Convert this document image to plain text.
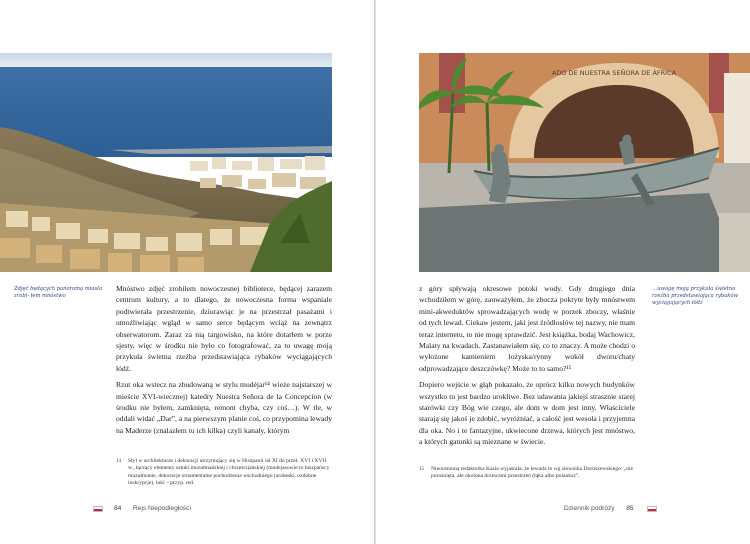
Zdjęć będących panoramą miasta zrobi- łem mnóstwo

Mnóstwo zdjęć zrobiłem nowoczesnej bibliotece, będącej zarazem centrum kultury, a to dlatego, że nowoczesna forma wspaniale podtwierała przestrzenie, dziurawiąc je na przestrzał pasażami i umożliwiając wgląd w samo serce będącym wciąż na zewnątrz obserwatorom. Zaraz za nią targowisko, na które dotarłem w porze sjesty, więc w środku nie było co fotografować, za to uwagę moją przykuła świetna rzeźba przedstawiająca rybaków wyciągających łódź.

Rzut oka wstecz na zbudowaną w stylu mudéjar¹⁴ wieże najstarszej w mieście XVI-wiecznej) katedry Nuestra Señora de la Concepcion (w środku nie byłem, zamknięta, remont chyba, czy coś…). W tle, w oddali widać „Dar”, a na pierwszym planie coś, co przypomina lewady na Maderze (znalazłem tu ich kilka) czyli kanały, którym

14 Styl w architekturze i dekoracji utrzymujący się w Hiszpanii od XI do przeł. XVI i XVII w., łączący elementy sztuki muzułmańskiej i chrześcijańskiej (mudejasowie to hiszpańscy muzułmanie, dekoracje ornamentalne pochodzenia wschodniego (arabeski, ozdobne inskrypcje), łuki – przyp. red.
84 Rejs Niepodległości
ADO DE NUESTRA SEÑORA DE ÁFRICA

z góry spływają okresowe potoki wody. Gdy drugiego dnia wchodziłem w górę, zauważyłem, że zbocza pokryte były mnóstwem mini-akweduktów sprowadzających wodę w porzek zboczy, właśnie od tych lewad. Ciekaw jestem, jaki jest źródłosłów tej nazwy, nie mam teraz internetu, to nie mogę sprawdzić. Jest książka, bodaj Wachowicz, Malaty na kwadach. Zastanawiałem się, co to znaczy. A może chodzi o wyłożone kamieniem łożyska/rynny wokół dworu/chaty odprowadzające deszczówkę? Może to to samo?¹⁵

Dopiero wejście w głąb pokazało, że oprócz kilku nowych budynków wszystko tu jest bardzo urokliwe. Bez udawania jakiejś strasznie starej starówki czy Bóg wie czego, ale dom w dom jest inny. Właściciele starają się jakoś je zdobić, wyróżniać, a całość jest wesoła i przyjemna dla oka. No i te fantazyjne, ukwiecone drzewa, których jest mnóstwo, a których gatunki są mieznane w świecie.

…uwagę moją przykuła świetna rzeźba przedstawiająca rybaków wyciągających łódź
15 Nieocenioną redaktorka Kasia wyjaśniła, że lewada to wg słownika Doroszewskiego: „nie porośnięta, ale okolona drzewami przestrzeń (łąka albo polanka)”.
Dziennik podróży 85
